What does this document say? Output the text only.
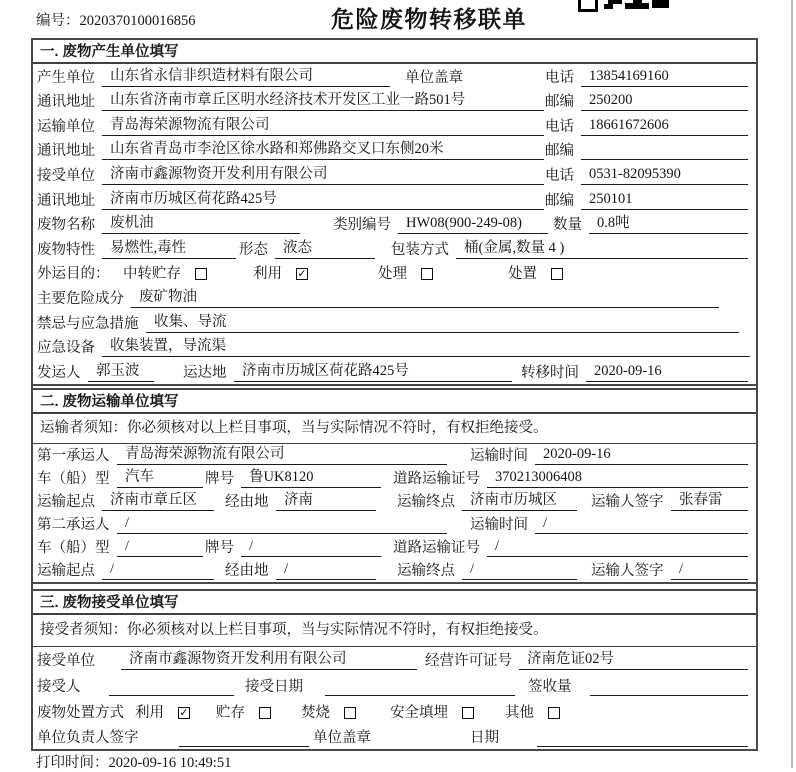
编号：2020370100016856	危险废物转移联单
一. 废物产生单位填写
产生单位	山东省永信非织造材料有限公司	单位盖章	电话	13854169160
通讯地址	山东省济南市章丘区明水经济技术开发区工业一路501号	邮编	250200
运输单位	青岛海荣源物流有限公司	电话	18661672606
通讯地址	山东省青岛市李沧区徐水路和郑佛路交叉口东侧20米	邮编
接受单位	济南市鑫源物资开发利用有限公司	电话	0531-82095390
通讯地址	济南市历城区荷花路425号	邮编	250101
废物名称	废机油	类别编号	HW08(900-249-08)	数量	0.8吨
废物特性	易燃性,毒性	形态	液态	包装方式	桶(金属,数量 4 )
外运目的： 中转贮存	利用	✓	处理	处置
主要危险成分	废矿物油
禁忌与应急措施	收集、导流
应急设备	收集装置，导流渠
发运人	郭玉波	运达地	济南市历城区荷花路425号	转移时间	2020-09-16
二. 废物运输单位填写
运输者须知：你必须核对以上栏目事项，当与实际情况不符时，有权拒绝接受。
第一承运人	青岛海荣源物流有限公司	运输时间	2020-09-16
车（船）型	汽车	牌号	鲁UK8120	道路运输证号	370213006408
运输起点	济南市章丘区	经由地	济南	运输终点	济南市历城区	运输人签字	张春雷
第二承运人	/	运输时间	/
车（船）型	/	牌号	/	道路运输证号	/
运输起点	/	经由地	/	运输终点	/	运输人签字	/
三. 废物接受单位填写
接受者须知：你必须核对以上栏目事项，当与实际情况不符时，有权拒绝接受。
接受单位	济南市鑫源物资开发利用有限公司	经营许可证号	济南危证02号
接受人	接受日期	签收量
废物处置方式 利用	✓ 贮存	焚烧	安全填埋	其他
单位负责人签字	单位盖章	日期
打印时间：2020-09-16 10:49:51
